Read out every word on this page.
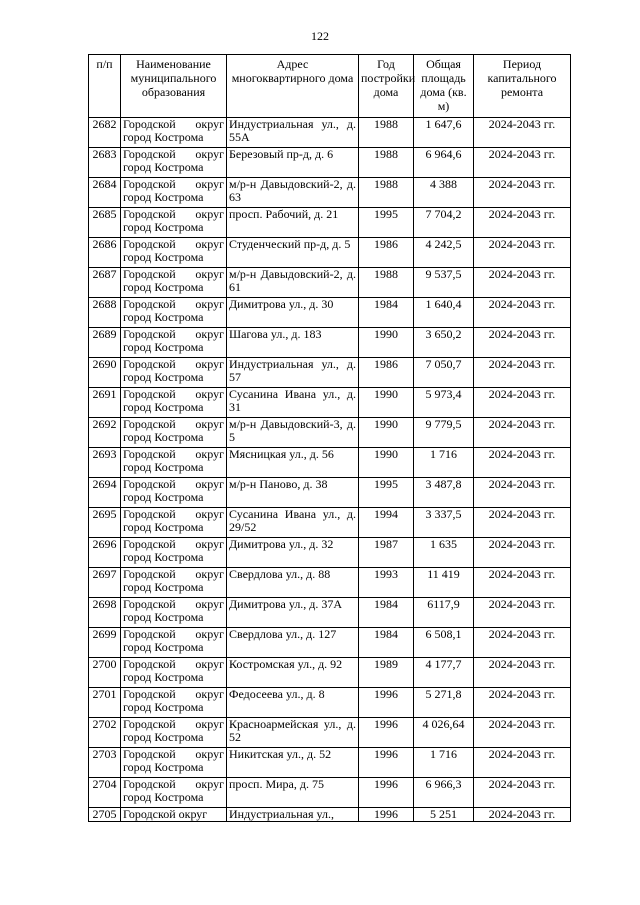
122
п/п	Наименование муниципального образования	Адрес многоквартирного дома	Год постройки дома	Общая площадь дома (кв. м)	Период капитального ремонта
2682	Городской округ город Кострома	Индустриальная ул., д. 55А	1988	1 647,6	2024-2043 гг.
2683	Городской округ город Кострома	Березовый пр-д, д. 6	1988	6 964,6	2024-2043 гг.
2684	Городской округ город Кострома	м/р-н Давыдовский-2, д. 63	1988	4 388	2024-2043 гг.
2685	Городской округ город Кострома	просп. Рабочий, д. 21	1995	7 704,2	2024-2043 гг.
2686	Городской округ город Кострома	Студенческий пр-д, д. 5	1986	4 242,5	2024-2043 гг.
2687	Городской округ город Кострома	м/р-н Давыдовский-2, д. 61	1988	9 537,5	2024-2043 гг.
2688	Городской округ город Кострома	Димитрова ул., д. 30	1984	1 640,4	2024-2043 гг.
2689	Городской округ город Кострома	Шагова ул., д. 183	1990	3 650,2	2024-2043 гг.
2690	Городской округ город Кострома	Индустриальная ул., д. 57	1986	7 050,7	2024-2043 гг.
2691	Городской округ город Кострома	Сусанина Ивана ул., д. 31	1990	5 973,4	2024-2043 гг.
2692	Городской округ город Кострома	м/р-н Давыдовский-3, д. 5	1990	9 779,5	2024-2043 гг.
2693	Городской округ город Кострома	Мясницкая ул., д. 56	1990	1 716	2024-2043 гг.
2694	Городской округ город Кострома	м/р-н Паново, д. 38	1995	3 487,8	2024-2043 гг.
2695	Городской округ город Кострома	Сусанина Ивана ул., д. 29/52	1994	3 337,5	2024-2043 гг.
2696	Городской округ город Кострома	Димитрова ул., д. 32	1987	1 635	2024-2043 гг.
2697	Городской округ город Кострома	Свердлова ул., д. 88	1993	11 419	2024-2043 гг.
2698	Городской округ город Кострома	Димитрова ул., д. 37А	1984	6117,9	2024-2043 гг.
2699	Городской округ город Кострома	Свердлова ул., д. 127	1984	6 508,1	2024-2043 гг.
2700	Городской округ город Кострома	Костромская ул., д. 92	1989	4 177,7	2024-2043 гг.
2701	Городской округ город Кострома	Федосеева ул., д. 8	1996	5 271,8	2024-2043 гг.
2702	Городской округ город Кострома	Красноармейская ул., д. 52	1996	4 026,64	2024-2043 гг.
2703	Городской округ город Кострома	Никитская ул., д. 52	1996	1 716	2024-2043 гг.
2704	Городской округ город Кострома	просп. Мира, д. 75	1996	6 966,3	2024-2043 гг.
2705	Городской округ	Индустриальная ул.,	1996	5 251	2024-2043 гг.
